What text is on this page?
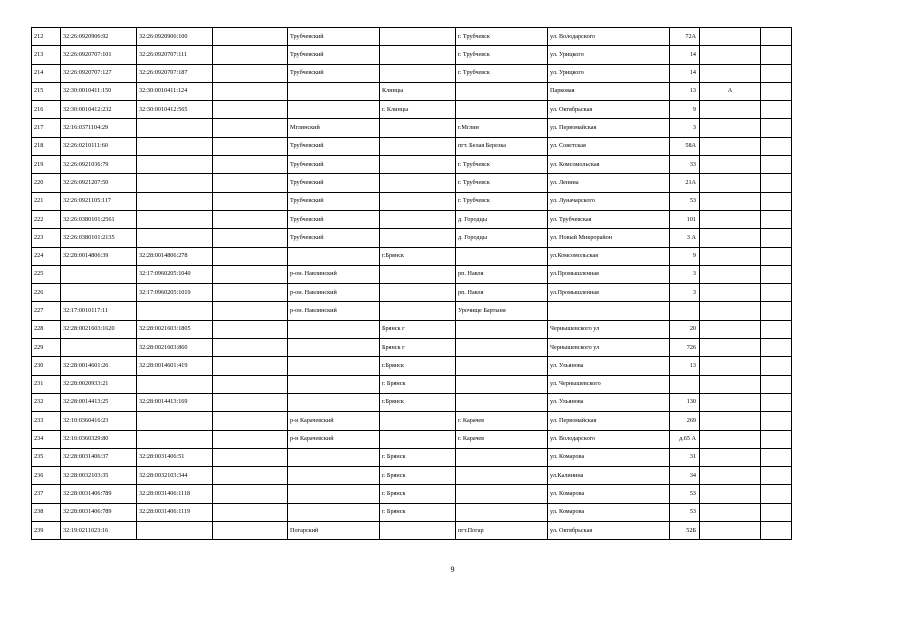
212	32:26:0920906:92	32:26:0920906:100		Трубчевский		г. Трубчевск	ул. Володарского	72А		
213	32:26:0920707:101	32:26:0920707:111		Трубчевский		г. Трубчевск	ул. Урицкого	14		
214	32:26:0920707:127	32:26:0920707:187		Трубчевский		г. Трубчевск	ул. Урицкого	14		
215	32:30:0010411:150	32:30:0010411:124			Клинцы		Парковая	13	А	
216	32:30:0010412:232	32:30:0010412:565			г. Клинцы		ул. Октябрьская	9		
217	32:16:0371104:29			Мглинский		г.Мглин	ул. Первомайская	3		
218	32:26:0210111:60			Трубчевский		пгт. Белая Березка	ул. Советская	58А		
219	32:26:0921036:79			Трубчевский		г. Трубчевск	ул. Комсомольская	33		
220	32:26:0921207:50			Трубчевский		г. Трубчевск	ул. Ленина	21А		
221	32:26:0921105:117			Трубчевский		г. Трубчевск	ул. Луначарского	53		
222	32:26:0380101:2561			Трубчевский		д. Городцы	ул. Трубчевская	101		
223	32:26:0380101:2135			Трубчевский		д. Городцы	ул. Новый Микрорайон	3 А		
224	32:28:0014806:39	32:28:0014806:278			г.Брянск		ул.Комсомольская	9		
225		32:17:0960205:1040		р-он. Навлинский		рп. Навля	ул.Промышленная	3		
226		32:17:0960205:1019		р-он. Навлинский		рп. Навля	ул.Промышленная	3		
227	32:17:0010117:11			р-он. Навлинский		Урочище Бартыня				
228	32:28:0021603:1620	32:28:0021603:1805			Брянск г		Чернышевского ул	20		
229		32:28:0021603:860			Брянск г		Чернышевского ул	726		
230	32:28:0014601:26	32:28:0014601:419			г.Брянск		ул. Ульянова	13		
231	32:28:0020933:21				г. Брянск		ул. Чернышевского			
232	32:28:0014413:25	32:28:0014413:169			г.Брянск		ул. Ульянова	130		
233	32:10:0360416:23			р-н Карачевский		г. Карачев	ул. Первомайская	269		
234	32:10:0360329:80			р-н Карачевский		г. Карачев	ул. Володарского	д.65 А		
235	32:28:0031406:37	32:28:0031406:51			г. Брянск		ул. Комарова	31		
236	32:28:0032103:35	32:28:0032103:344			г. Брянск		ул.Калинина	34		
237	32:28:0031406:789	32:28:0031406:1118			г. Брянск		ул. Комарова	53		
238	32:28:0031406:789	32:28:0031406:1119			г. Брянск		ул. Комарова	53		
239	32:19:0211023:16			Погарский		пгт.Погар	ул. Октябрьская	52Б		
9
